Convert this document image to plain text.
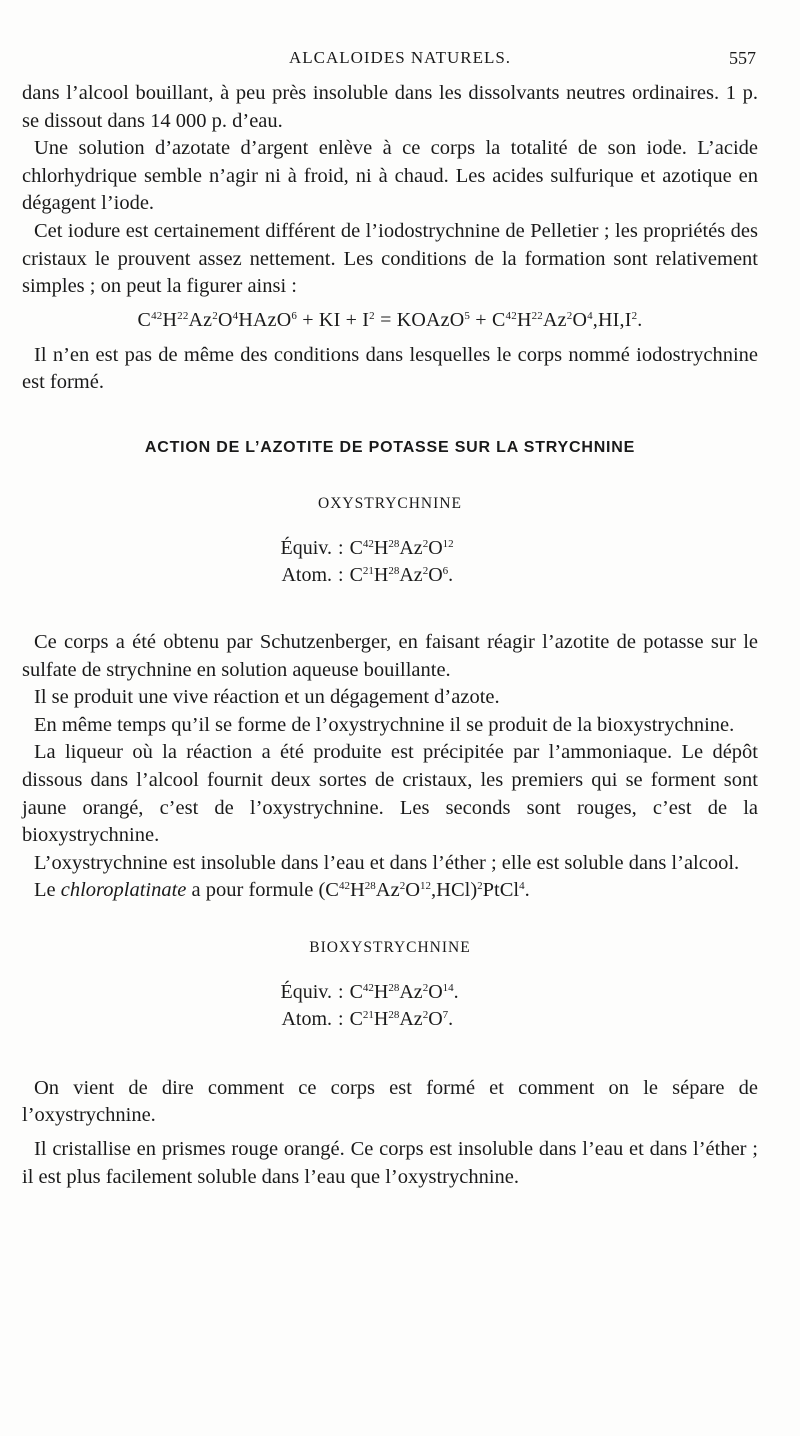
ALCALOIDES NATURELS.	557

dans l’alcool bouillant, à peu près insoluble dans les dissolvants neutres ordinaires. 1 p. se dissout dans 14 000 p. d’eau.

Une solution d’azotate d’argent enlève à ce corps la totalité de son iode. L’acide chlorhydrique semble n’agir ni à froid, ni à chaud. Les acides sulfurique et azotique en dégagent l’iode.

Cet iodure est certainement différent de l’iodostrychnine de Pelletier ; les propriétés des cristaux le prouvent assez nettement. Les conditions de la formation sont relativement simples ; on peut la figurer ainsi :

$C^{42}H^{22}Az^2O^4HAzO^6$ + KI + $I^2$ = KOAzO$^5$ + $C^{42}H^{22}Az^2O^4,HI,I^2$.

Il n’en est pas de même des conditions dans lesquelles le corps nommé iodostrychnine est formé.

ACTION DE L’AZOTITE DE POTASSE SUR LA STRYCHNINE
OXYSTRYCHNINE
Équiv. : $C^{42}H^{28}Az^2O^{12}$
Atom. : $C^{21}H^{28}Az^2O^6$.

Ce corps a été obtenu par Schutzenberger, en faisant réagir l’azotite de potasse sur le sulfate de strychnine en solution aqueuse bouillante.

Il se produit une vive réaction et un dégagement d’azote.

En même temps qu’il se forme de l’oxystrychnine il se produit de la bioxystrychnine.

La liqueur où la réaction a été produite est précipitée par l’ammoniaque. Le dépôt dissous dans l’alcool fournit deux sortes de cristaux, les premiers qui se forment sont jaune orangé, c’est de l’oxystrychnine. Les seconds sont rouges, c’est de la bioxystrychnine.

L’oxystrychnine est insoluble dans l’eau et dans l’éther ; elle est soluble dans l’alcool.

Le chloroplatinate a pour formule $(C^{42}H^{28}Az^2O^{12},HCl)^2PtCl^4$.

BIOXYSTRYCHNINE
Équiv. : $C^{42}H^{28}Az^2O^{14}$.
Atom. : $C^{21}H^{28}Az^2O^7$.

On vient de dire comment ce corps est formé et comment on le sépare de l’oxystrychnine.

Il cristallise en prismes rouge orangé. Ce corps est insoluble dans l’eau et dans l’éther ; il est plus facilement soluble dans l’eau que l’oxystrychnine.
